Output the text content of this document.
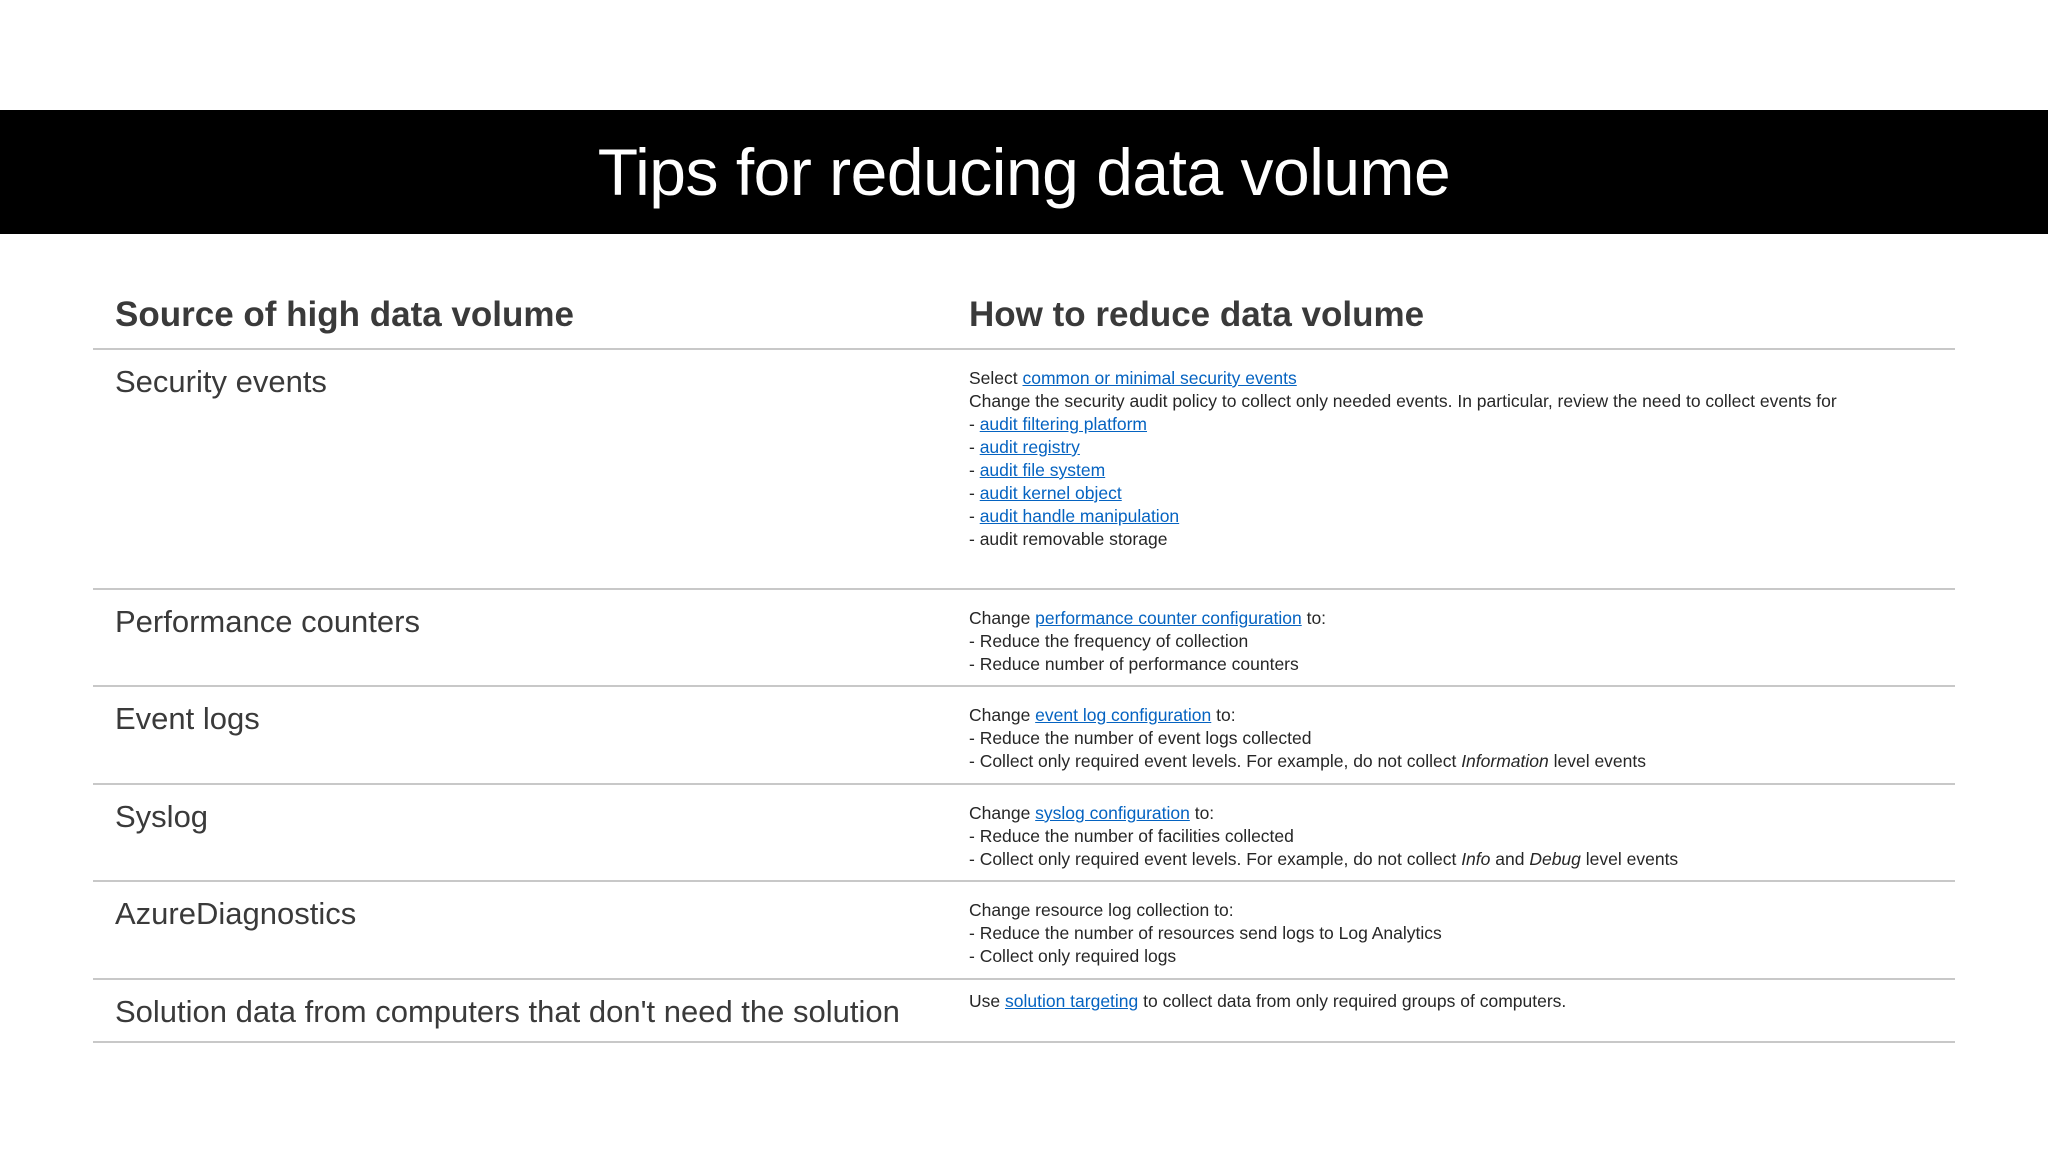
Tips for reducing data volume
Source of high data volume	How to reduce data volume
Security events	Select common or minimal security events
Change the security audit policy to collect only needed events. In particular, review the need to collect events for
- audit filtering platform
- audit registry
- audit file system
- audit kernel object
- audit handle manipulation
- audit removable storage
Performance counters	Change performance counter configuration to:
- Reduce the frequency of collection
- Reduce number of performance counters
Event logs	Change event log configuration to:
- Reduce the number of event logs collected
- Collect only required event levels. For example, do not collect Information level events
Syslog	Change syslog configuration to:
- Reduce the number of facilities collected
- Collect only required event levels. For example, do not collect Info and Debug level events
AzureDiagnostics	Change resource log collection to:
- Reduce the number of resources send logs to Log Analytics
- Collect only required logs
Solution data from computers that don't need the solution	Use solution targeting to collect data from only required groups of computers.
